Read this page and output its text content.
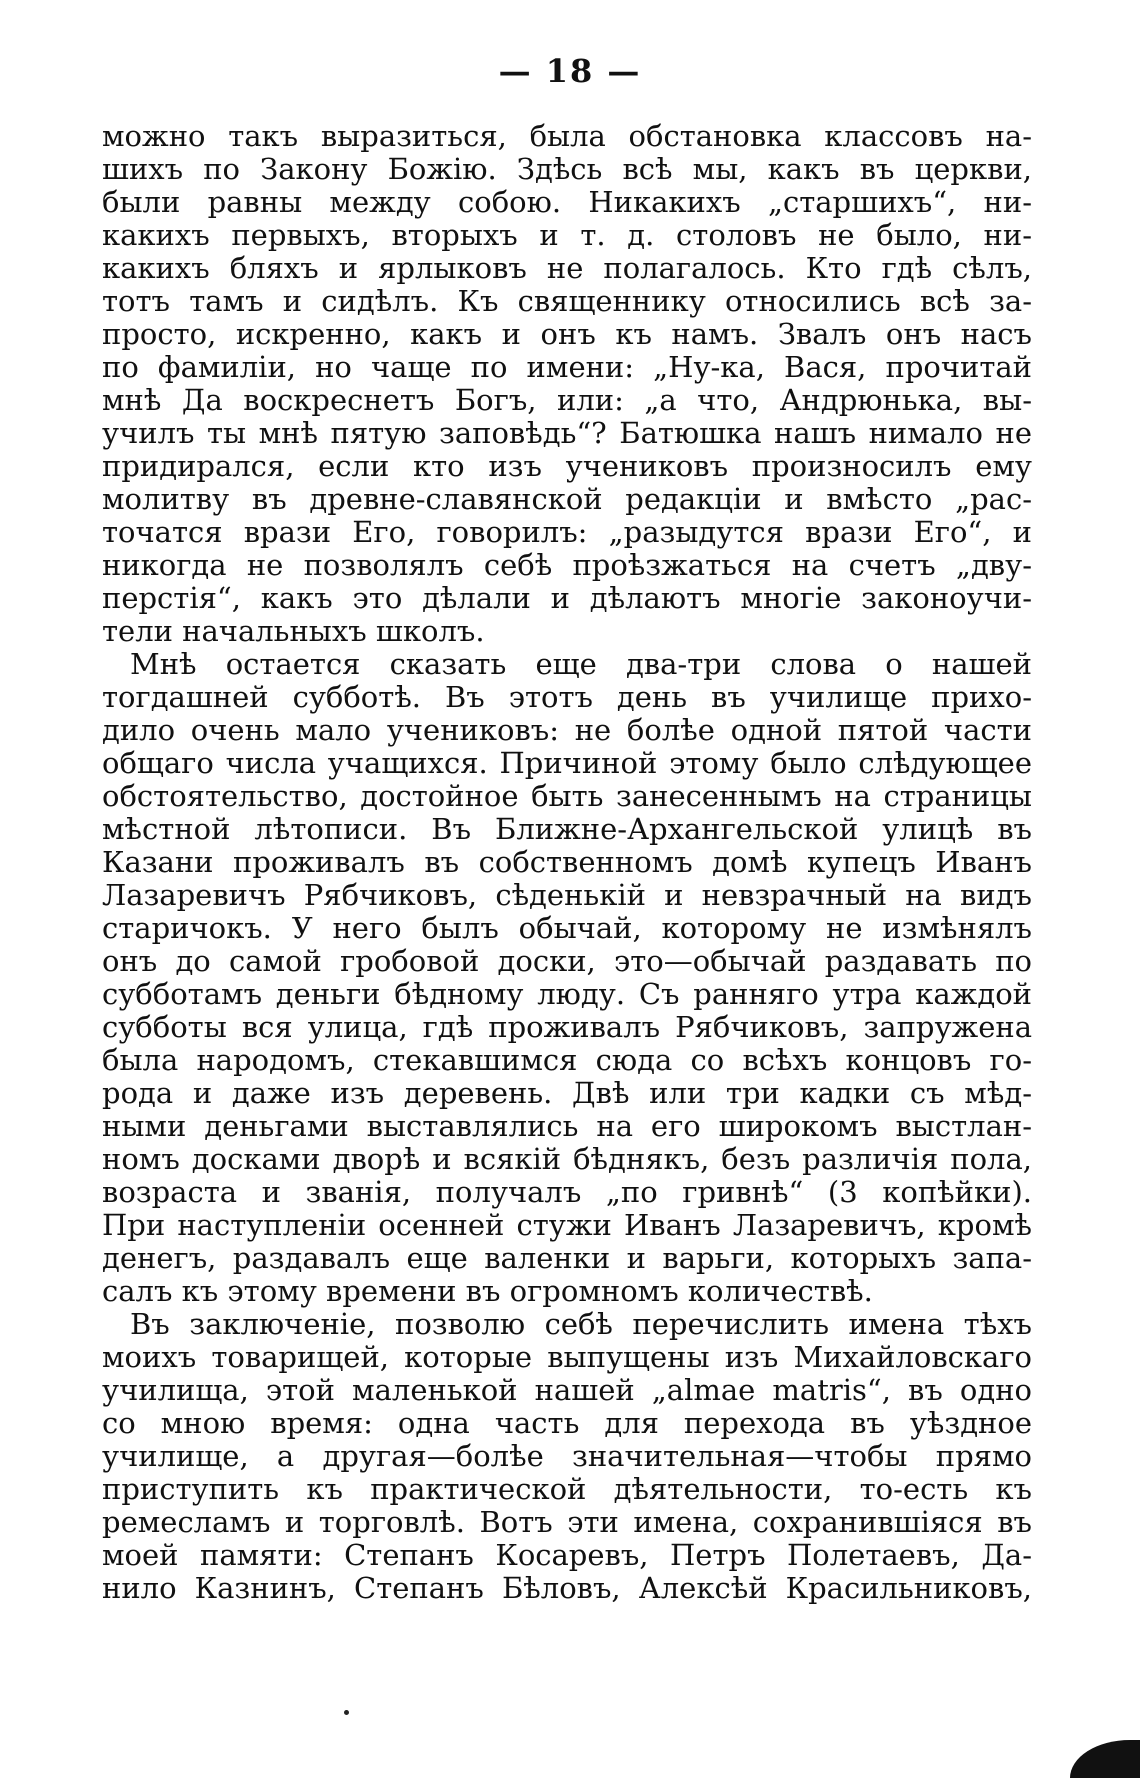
— 18 —
можно такъ выразиться, была обстановка классовъ на-
шихъ по Закону Божію. Здѣсь всѣ мы, какъ въ церкви,
были равны между собою. Никакихъ „старшихъ“, ни-
какихъ первыхъ, вторыхъ и т. д. столовъ не было, ни-
какихъ бляхъ и ярлыковъ не полагалось. Кто гдѣ сѣлъ,
тотъ тамъ и сидѣлъ. Къ священнику относились всѣ за-
просто, искренно, какъ и онъ къ намъ. Звалъ онъ насъ
по фамиліи, но чаще по имени: „Ну-ка, Вася, прочитай
мнѣ Да воскреснетъ Богъ, или: „а что, Андрюнька, вы-
училъ ты мнѣ пятую заповѣдь“? Батюшка нашъ нимало не
придирался, если кто изъ учениковъ произносилъ ему
молитву въ древне-славянской редакціи и вмѣсто „рас-
точатся врази Его, говорилъ: „разыдутся врази Его“, и
никогда не позволялъ себѣ проѣзжаться на счетъ „дву-
перстія“, какъ это дѣлали и дѣлаютъ многіе законоучи-
тели начальныхъ школъ.
Мнѣ остается сказать еще два-три слова о нашей
тогдашней субботѣ. Въ этотъ день въ училище прихо-
дило очень мало учениковъ: не болѣе одной пятой части
общаго числа учащихся. Причиной этому было слѣдующее
обстоятельство, достойное быть занесеннымъ на страницы
мѣстной лѣтописи. Въ Ближне-Архангельской улицѣ въ
Казани проживалъ въ собственномъ домѣ купецъ Иванъ
Лазаревичъ Рябчиковъ, сѣденькій и невзрачный на видъ
старичокъ. У него былъ обычай, которому не измѣнялъ
онъ до самой гробовой доски, это—обычай раздавать по
субботамъ деньги бѣдному люду. Съ ранняго утра каждой
субботы вся улица, гдѣ проживалъ Рябчиковъ, запружена
была народомъ, стекавшимся сюда со всѣхъ концовъ го-
рода и даже изъ деревень. Двѣ или три кадки съ мѣд-
ными деньгами выставлялись на его широкомъ выстлан-
номъ досками дворѣ и всякій бѣднякъ, безъ различія пола,
возраста и званія, получалъ „по гривнѣ“ (3 копѣйки).
При наступленіи осенней стужи Иванъ Лазаревичъ, кромѣ
денегъ, раздавалъ еще валенки и варьги, которыхъ запа-
салъ къ этому времени въ огромномъ количествѣ.
Въ заключеніе, позволю себѣ перечислить имена тѣхъ
моихъ товарищей, которые выпущены изъ Михайловскаго
училища, этой маленькой нашей „almae matris“, въ одно
со мною время: одна часть для перехода въ уѣздное
училище, а другая—болѣе значительная—чтобы прямо
приступить къ практической дѣятельности, то-есть къ
ремесламъ и торговлѣ. Вотъ эти имена, сохранившіяся въ
моей памяти: Степанъ Косаревъ, Петръ Полетаевъ, Да-
нило Казнинъ, Степанъ Бѣловъ, Алексѣй Красильниковъ,
